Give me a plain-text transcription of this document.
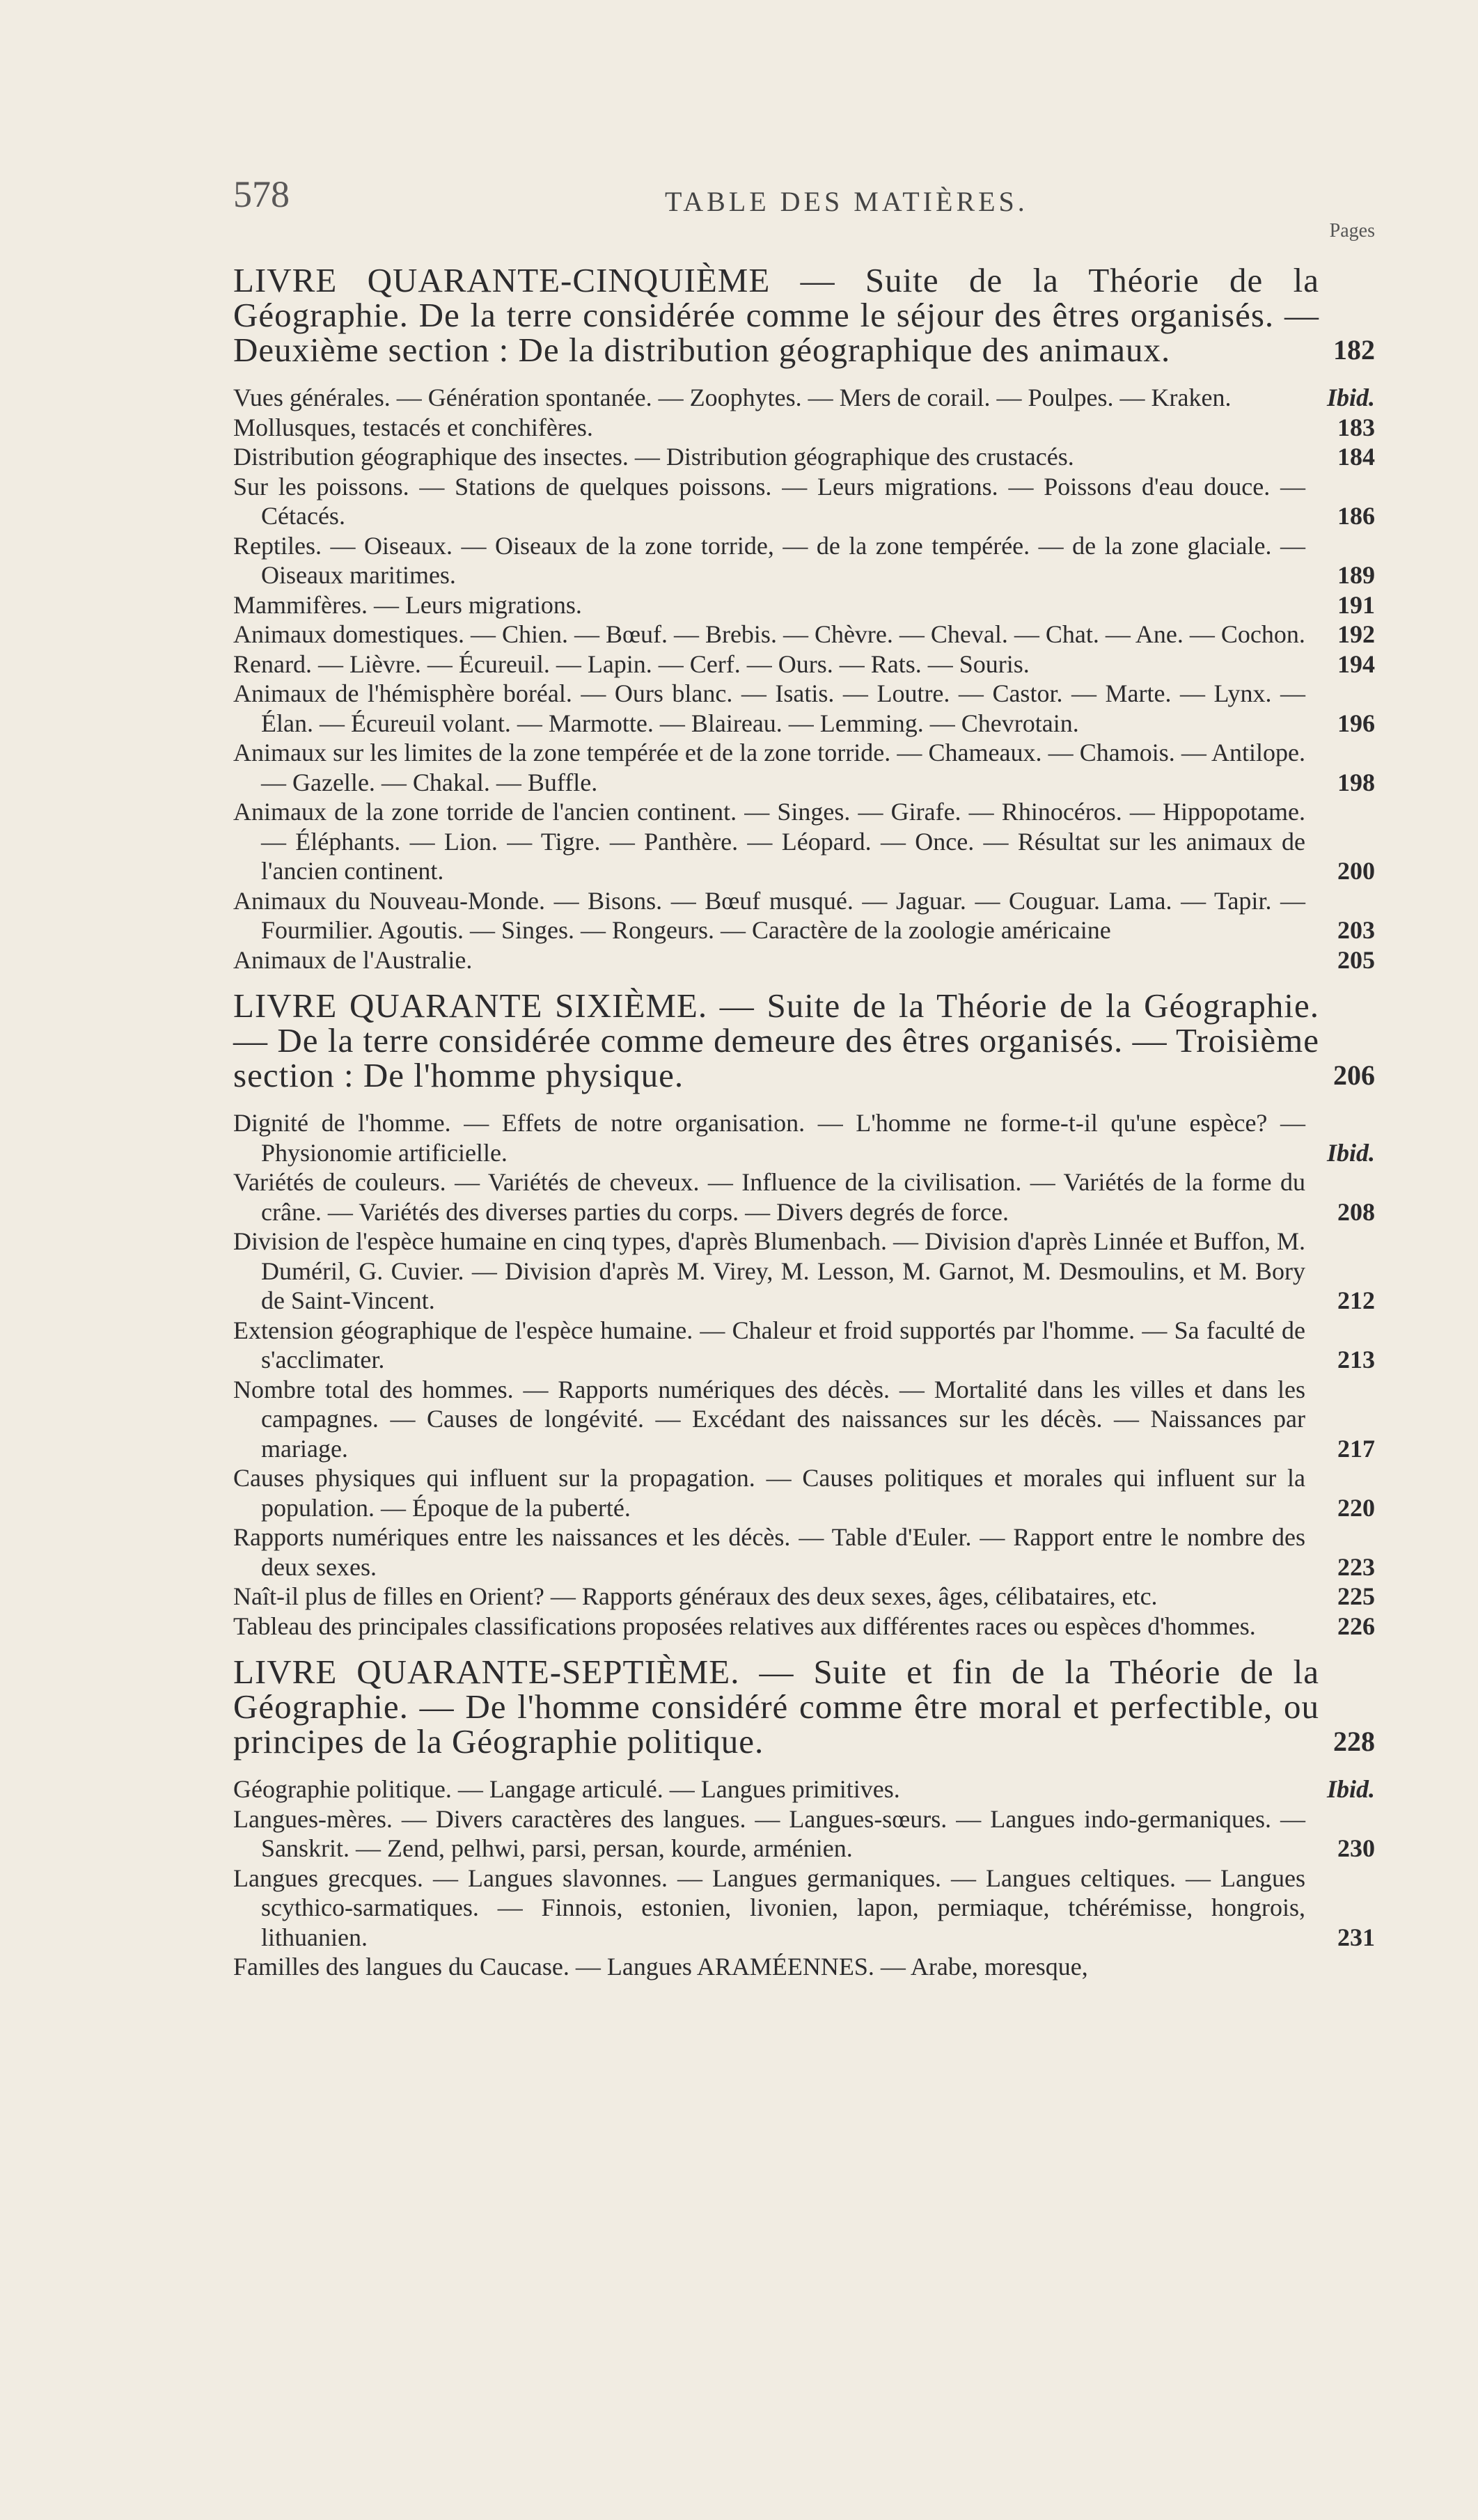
578	TABLE DES MATIÈRES.
Pages
LIVRE QUARANTE-CINQUIÈME — Suite de la Théorie de la Géographie. De la terre considérée comme le séjour des êtres organisés. — Deuxième section : De la distribution géographique des animaux.	182
Vues générales. — Génération spontanée. — Zoophytes. — Mers de corail. — Poulpes. — Kraken.	Ibid.
Mollusques, testacés et conchifères.	183
Distribution géographique des insectes. — Distribution géographique des crustacés.	184
Sur les poissons. — Stations de quelques poissons. — Leurs migrations. — Poissons d'eau douce. — Cétacés.	186
Reptiles. — Oiseaux. — Oiseaux de la zone torride, — de la zone tempérée. — de la zone glaciale. — Oiseaux maritimes.	189
Mammifères. — Leurs migrations.	191
Animaux domestiques. — Chien. — Bœuf. — Brebis. — Chèvre. — Cheval. — Chat. — Ane. — Cochon. 192
Renard. — Lièvre. — Écureuil. — Lapin. — Cerf. — Ours. — Rats. — Souris.	194
Animaux de l'hémisphère boréal. — Ours blanc. — Isatis. — Loutre. — Castor. — Marte. — Lynx. — Élan. — Écureuil volant. — Marmotte. — Blaireau. — Lemming. — Chevrotain.	196
Animaux sur les limites de la zone tempérée et de la zone torride. — Chameaux. — Chamois. — Antilope. — Gazelle. — Chakal. — Buffle.	198
Animaux de la zone torride de l'ancien continent. — Singes. — Girafe. — Rhinocéros. — Hippopotame. — Éléphants. — Lion. — Tigre. — Panthère. — Léopard. — Once. — Résultat sur les animaux de l'ancien continent.	200
Animaux du Nouveau-Monde. — Bisons. — Bœuf musqué. — Jaguar. — Couguar. Lama. — Tapir. — Fourmilier. Agoutis. — Singes. — Rongeurs. — Caractère de la zoologie américaine	203
Animaux de l'Australie.	205
LIVRE QUARANTE SIXIÈME. — Suite de la Théorie de la Géographie. — De la terre considérée comme demeure des êtres organisés. — Troisième section : De l'homme physique.	206
Dignité de l'homme. — Effets de notre organisation. — L'homme ne forme-t-il qu'une espèce? — Physionomie artificielle.	Ibid.
Variétés de couleurs. — Variétés de cheveux. — Influence de la civilisation. — Variétés de la forme du crâne. — Variétés des diverses parties du corps. — Divers degrés de force.	208
Division de l'espèce humaine en cinq types, d'après Blumenbach. — Division d'après Linnée et Buffon, M. Duméril, G. Cuvier. — Division d'après M. Virey, M. Lesson, M. Garnot, M. Desmoulins, et M. Bory de Saint-Vincent.	212
Extension géographique de l'espèce humaine. — Chaleur et froid supportés par l'homme. — Sa faculté de s'acclimater.	213
Nombre total des hommes. — Rapports numériques des décès. — Mortalité dans les villes et dans les campagnes. — Causes de longévité. — Excédant des naissances sur les décès. — Naissances par mariage.	217
Causes physiques qui influent sur la propagation. — Causes politiques et morales qui influent sur la population. — Époque de la puberté.	220
Rapports numériques entre les naissances et les décès. — Table d'Euler. — Rapport entre le nombre des deux sexes.	223
Naît-il plus de filles en Orient? — Rapports généraux des deux sexes, âges, célibataires, etc.	225
Tableau des principales classifications proposées relatives aux différentes races ou espèces d'hommes.	226
LIVRE QUARANTE-SEPTIÈME. — Suite et fin de la Théorie de la Géographie. — De l'homme considéré comme être moral et perfectible, ou principes de la Géographie politique.	228
Géographie politique. — Langage articulé. — Langues primitives.	Ibid.
Langues-mères. — Divers caractères des langues. — Langues-sœurs. — Langues indo-germaniques. — Sanskrit. — Zend, pelhwi, parsi, persan, kourde, arménien.	230
Langues grecques. — Langues slavonnes. — Langues germaniques. — Langues celtiques. — Langues scythico-sarmatiques. — Finnois, estonien, livonien, lapon, permiaque, tchérémisse, hongrois, lithuanien.	231
Familles des langues du Caucase. — Langues ARAMÉENNES. — Arabe, moresque,
